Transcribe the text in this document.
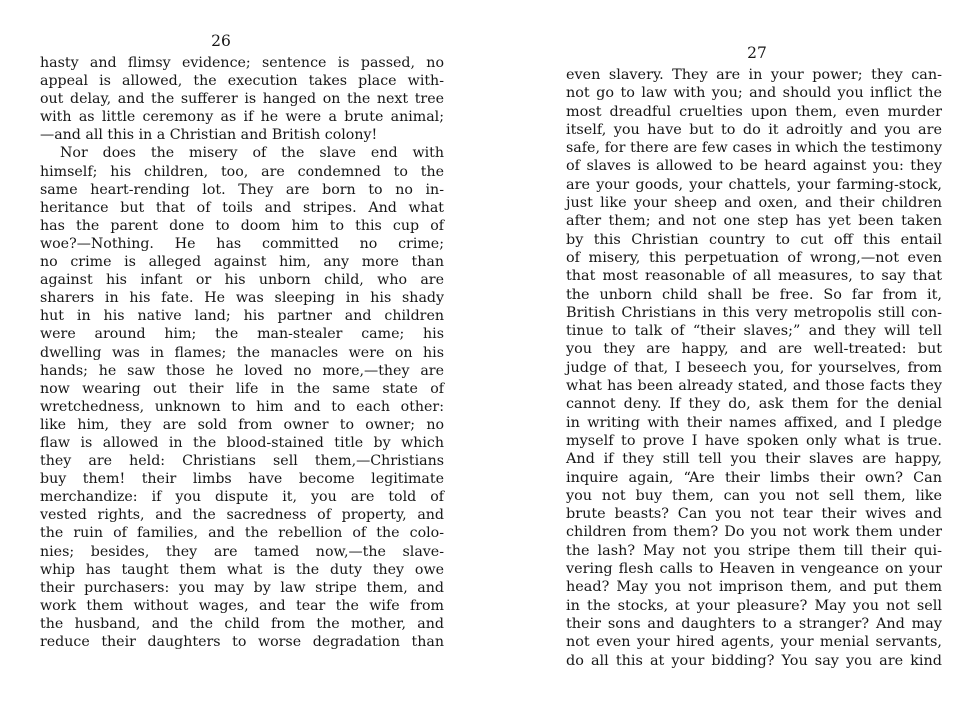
26
hasty and flimsy evidence; sentence is passed, no
appeal is allowed, the execution takes place with-
out delay, and the sufferer is hanged on the next tree
with as little ceremony as if he were a brute animal;
—and all this in a Christian and British colony!
Nor does the misery of the slave end with
himself; his children, too, are condemned to the
same heart-rending lot. They are born to no in-
heritance but that of toils and stripes. And what
has the parent done to doom him to this cup of
woe?—Nothing. He has committed no crime;
no crime is alleged against him, any more than
against his infant or his unborn child, who are
sharers in his fate. He was sleeping in his shady
hut in his native land; his partner and children
were around him; the man-stealer came; his
dwelling was in flames; the manacles were on his
hands; he saw those he loved no more,—they are
now wearing out their life in the same state of
wretchedness, unknown to him and to each other:
like him, they are sold from owner to owner; no
flaw is allowed in the blood-stained title by which
they are held: Christians sell them,—Christians
buy them! their limbs have become legitimate
merchandize: if you dispute it, you are told of
vested rights, and the sacredness of property, and
the ruin of families, and the rebellion of the colo-
nies; besides, they are tamed now,—the slave-
whip has taught them what is the duty they owe
their purchasers: you may by law stripe them, and
work them without wages, and tear the wife from
the husband, and the child from the mother, and
reduce their daughters to worse degradation than
27
even slavery. They are in your power; they can-
not go to law with you; and should you inflict the
most dreadful cruelties upon them, even murder
itself, you have but to do it adroitly and you are
safe, for there are few cases in which the testimony
of slaves is allowed to be heard against you: they
are your goods, your chattels, your farming-stock,
just like your sheep and oxen, and their children
after them; and not one step has yet been taken
by this Christian country to cut off this entail
of misery, this perpetuation of wrong,—not even
that most reasonable of all measures, to say that
the unborn child shall be free. So far from it,
British Christians in this very metropolis still con-
tinue to talk of “their slaves;” and they will tell
you they are happy, and are well-treated: but
judge of that, I beseech you, for yourselves, from
what has been already stated, and those facts they
cannot deny. If they do, ask them for the denial
in writing with their names affixed, and I pledge
myself to prove I have spoken only what is true.
And if they still tell you their slaves are happy,
inquire again, “Are their limbs their own? Can
you not buy them, can you not sell them, like
brute beasts? Can you not tear their wives and
children from them? Do you not work them under
the lash? May not you stripe them till their qui-
vering flesh calls to Heaven in vengeance on your
head? May you not imprison them, and put them
in the stocks, at your pleasure? May you not sell
their sons and daughters to a stranger? And may
not even your hired agents, your menial servants,
do all this at your bidding? You say you are kind
